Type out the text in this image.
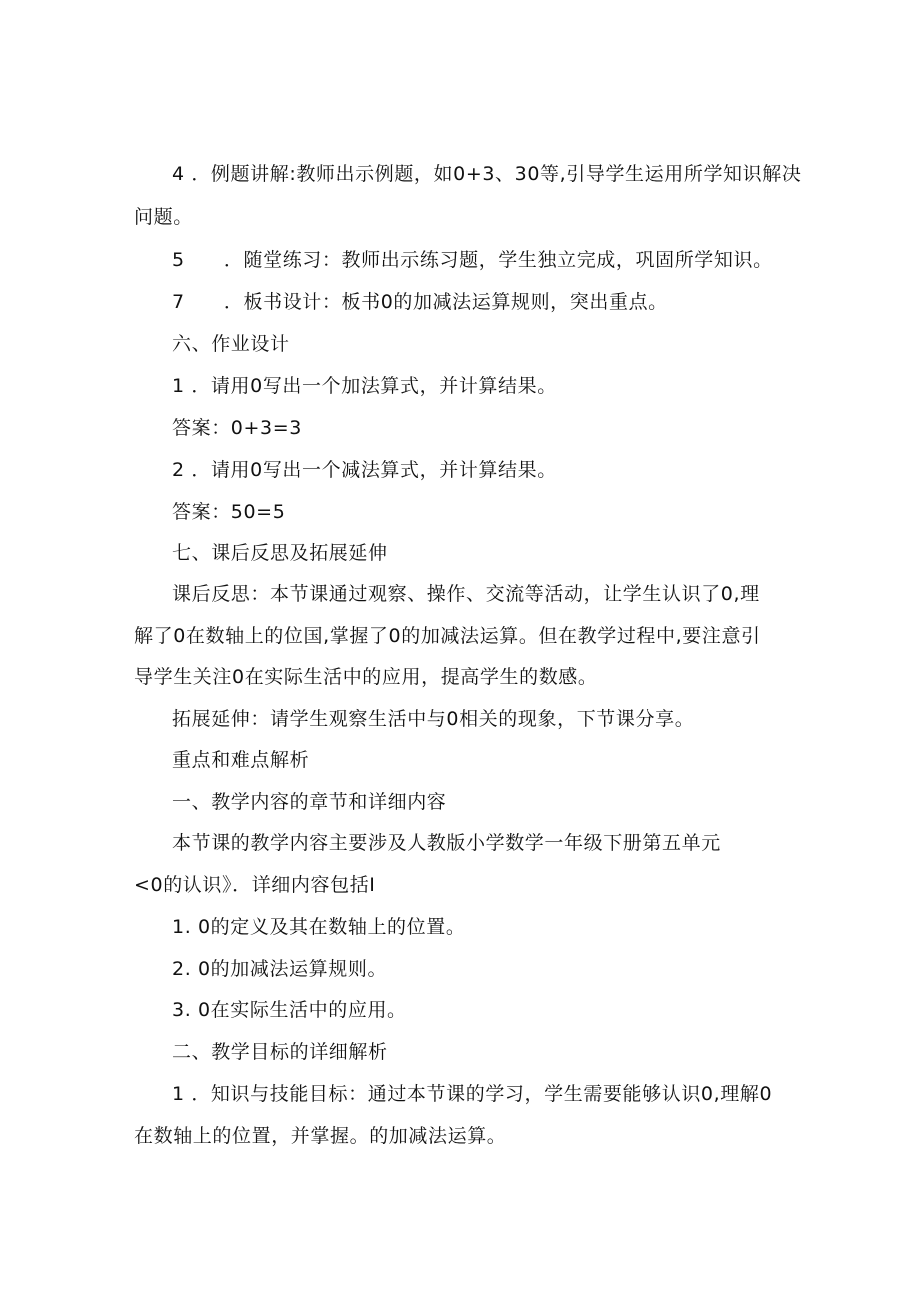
4 ．例题讲解:教师出示例题，如0+3、30等,引导学生运用所学知识解决
问题。
5　　．随堂练习：教师出示练习题，学生独立完成，巩固所学知识。
7　　．板书设计：板书0的加减法运算规则，突出重点。
六、作业设计
1 ．请用0写出一个加法算式，并计算结果。
答案：0+3=3
2 ．请用0写出一个减法算式，并计算结果。
答案：50=5
七、课后反思及拓展延伸
课后反思：本节课通过观察、操作、交流等活动，让学生认识了0,理
解了0在数轴上的位国,掌握了0的加减法运算。但在教学过程中,要注意引
导学生关注0在实际生活中的应用，提高学生的数感。
拓展延伸：请学生观察生活中与0相关的现象，下节课分享。
重点和难点解析
一、教学内容的章节和详细内容
本节课的教学内容主要涉及人教版小学数学一年级下册第五单元
<0的认识》．详细内容包括I
1. 0的定义及其在数轴上的位置。
2. 0的加减法运算规则。
3. 0在实际生活中的应用。
二、教学目标的详细解析
1 ．知识与技能目标：通过本节课的学习，学生需要能够认识0,理解0
在数轴上的位置，并掌握。的加减法运算。
